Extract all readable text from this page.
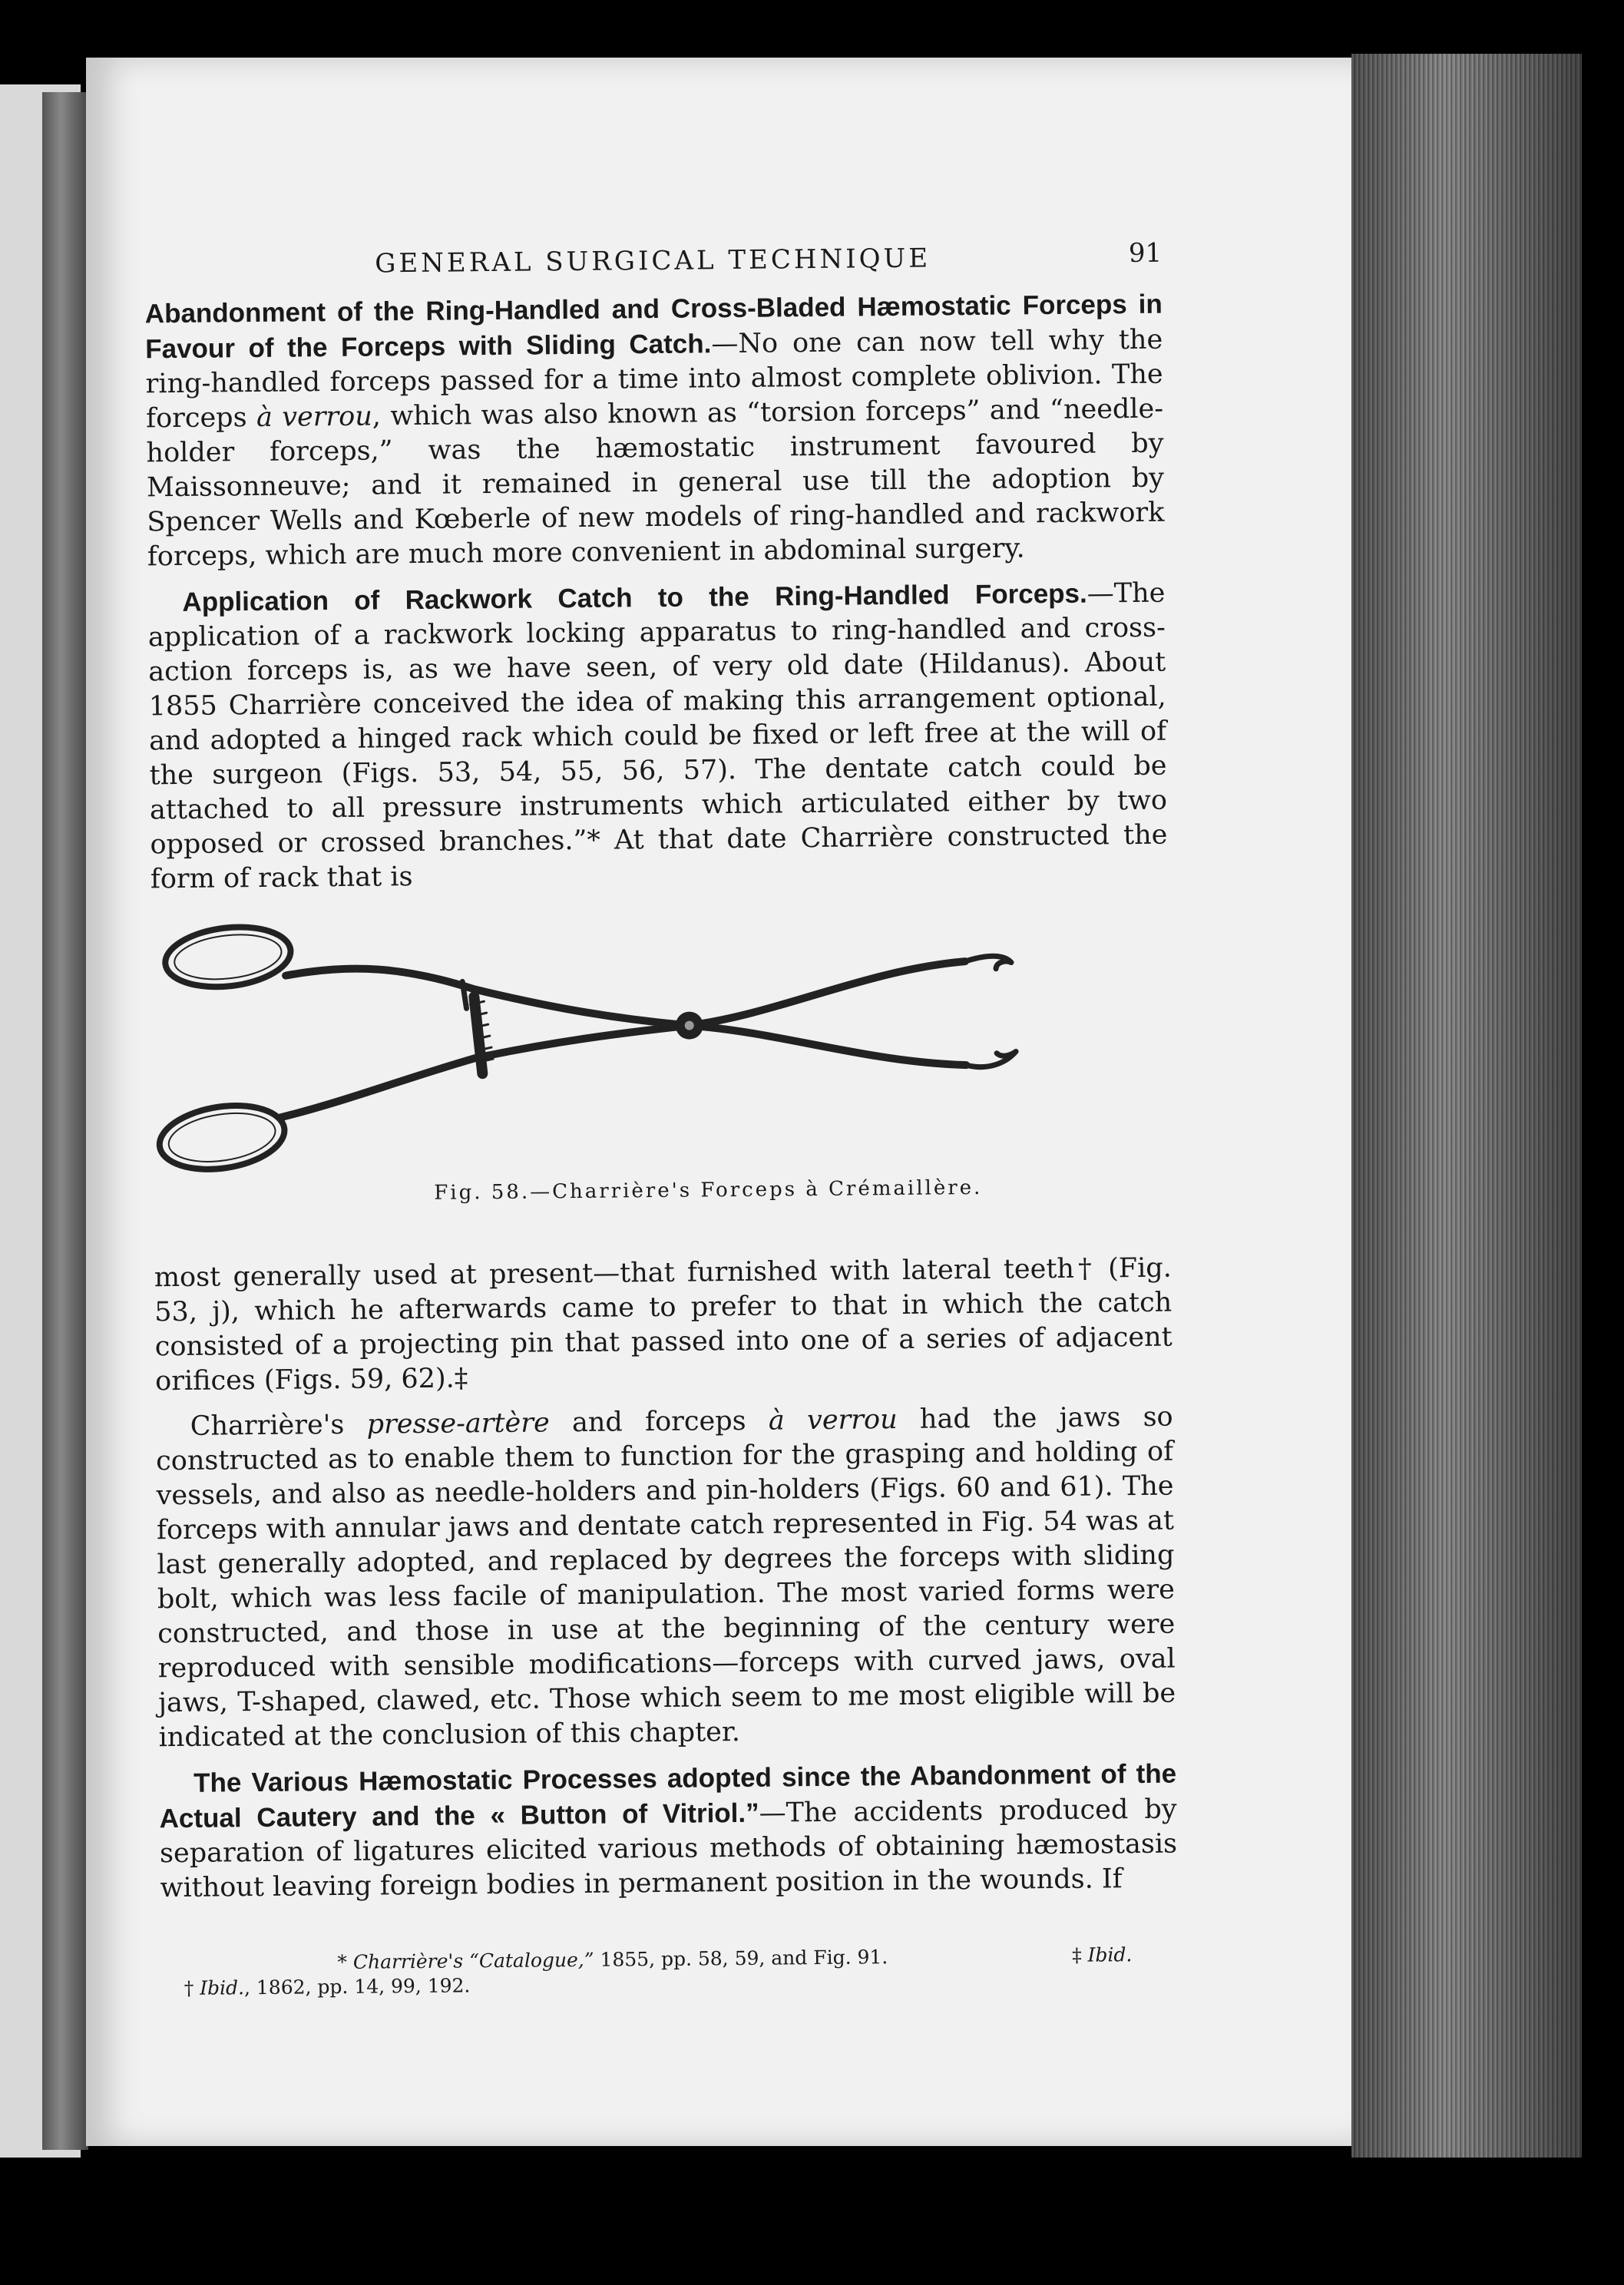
GENERAL SURGICAL TECHNIQUE	91

Abandonment of the Ring-Handled and Cross-Bladed Hæmostatic Forceps in Favour of the Forceps with Sliding Catch.—No one can now tell why the ring-handled forceps passed for a time into almost complete oblivion. The forceps à verrou, which was also known as “torsion forceps” and “needle-holder forceps,” was the hæmostatic instrument favoured by Maissonneuve; and it remained in general use till the adoption by Spencer Wells and Kœberle of new models of ring-handled and rackwork forceps, which are much more convenient in abdominal surgery.

Application of Rackwork Catch to the Ring-Handled Forceps.—The application of a rackwork locking apparatus to ring-handled and cross-action forceps is, as we have seen, of very old date (Hildanus). About 1855 Charrière conceived the idea of making this arrangement optional, and adopted a hinged rack which could be fixed or left free at the will of the surgeon (Figs. 53, 54, 55, 56, 57). The dentate catch could be attached to all pressure instruments which articulated either by two opposed or crossed branches.”* At that date Charrière constructed the form of rack that is

Fig. 58.—Charrière's Forceps à Crémaillère.

most generally used at present—that furnished with lateral teeth† (Fig. 53, j), which he afterwards came to prefer to that in which the catch consisted of a projecting pin that passed into one of a series of adjacent orifices (Figs. 59, 62).‡

Charrière's presse-artère and forceps à verrou had the jaws so constructed as to enable them to function for the grasping and holding of vessels, and also as needle-holders and pin-holders (Figs. 60 and 61). The forceps with annular jaws and dentate catch represented in Fig. 54 was at last generally adopted, and replaced by degrees the forceps with sliding bolt, which was less facile of manipulation. The most varied forms were constructed, and those in use at the beginning of the century were reproduced with sensible modifications—forceps with curved jaws, oval jaws, T-shaped, clawed, etc. Those which seem to me most eligible will be indicated at the conclusion of this chapter.

The Various Hæmostatic Processes adopted since the Abandonment of the Actual Cautery and the « Button of Vitriol.”—The accidents produced by separation of ligatures elicited various methods of obtaining hæmostasis without leaving foreign bodies in permanent position in the wounds. If

* Charrière's “Catalogue,” 1855, pp. 58, 59, and Fig. 91.
† Ibid., 1862, pp. 14, 99, 192.
‡ Ibid.
